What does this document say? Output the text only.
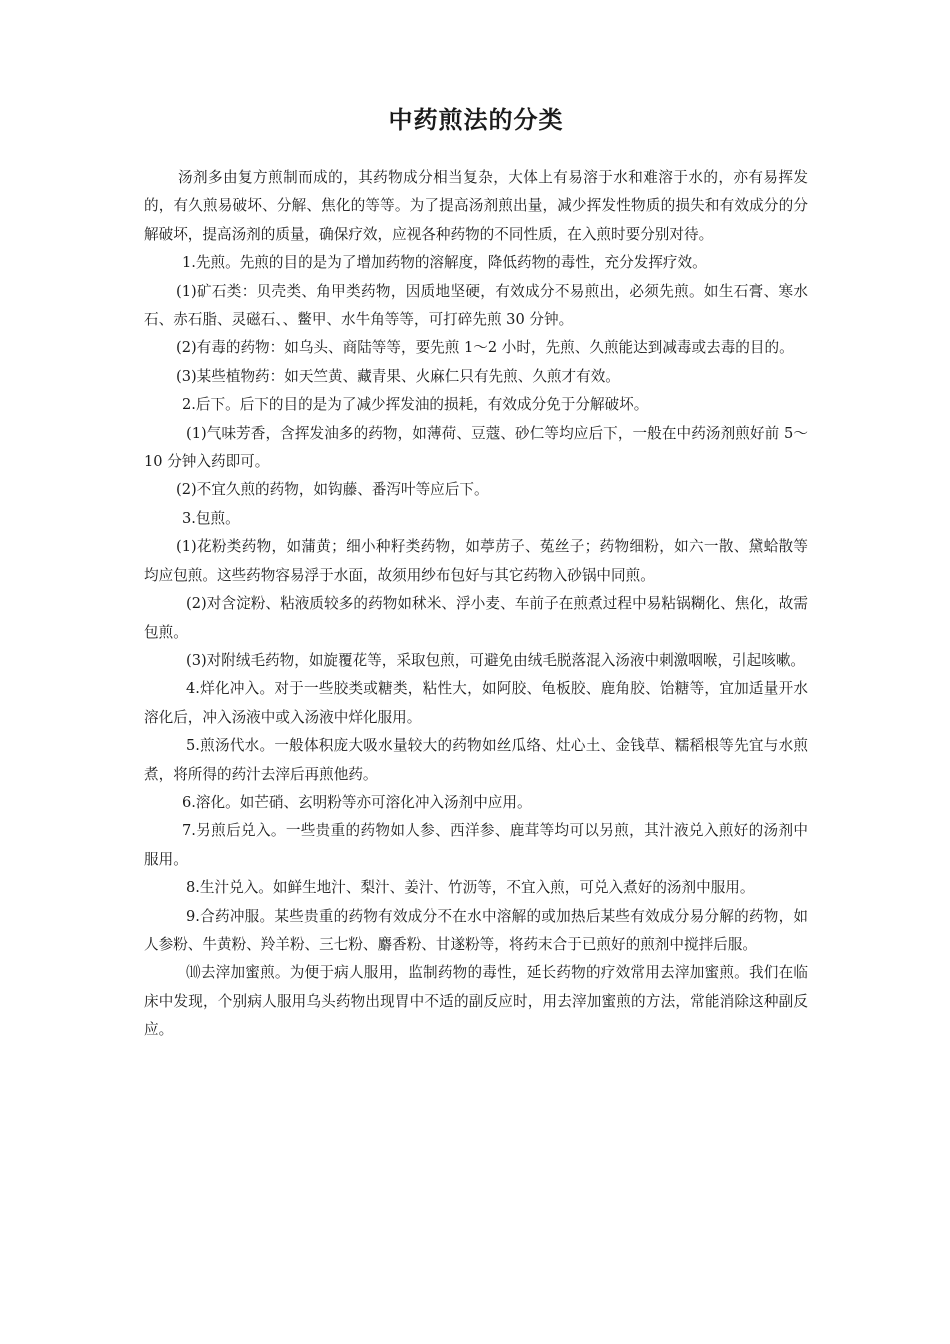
中药煎法的分类

汤剂多由复方煎制而成的，其药物成分相当复杂，大体上有易溶于水和难溶于水的，亦有易挥发的，有久煎易破坏、分解、焦化的等等。为了提高汤剂煎出量，减少挥发性物质的损失和有效成分的分解破坏，提高汤剂的质量，确保疗效，应视各种药物的不同性质，在入煎时要分别对待。

1.先煎。先煎的目的是为了增加药物的溶解度，降低药物的毒性，充分发挥疗效。

(1)矿石类：贝壳类、角甲类药物，因质地坚硬，有效成分不易煎出，必须先煎。如生石膏、寒水石、赤石脂、灵磁石、、鳖甲、水牛角等等，可打碎先煎 30 分钟。

(2)有毒的药物：如乌头、商陆等等，要先煎 1～2 小时，先煎、久煎能达到减毒或去毒的目的。

(3)某些植物药：如天竺黄、藏青果、火麻仁只有先煎、久煎才有效。

2.后下。后下的目的是为了减少挥发油的损耗，有效成分免于分解破坏。

(1)气味芳香，含挥发油多的药物，如薄荷、豆蔻、砂仁等均应后下，一般在中药汤剂煎好前 5～10 分钟入药即可。

(2)不宜久煎的药物，如钩藤、番泻叶等应后下。

3.包煎。

(1)花粉类药物，如蒲黄；细小种籽类药物，如葶苈子、菟丝子；药物细粉，如六一散、黛蛤散等均应包煎。这些药物容易浮于水面，故须用纱布包好与其它药物入砂锅中同煎。

(2)对含淀粉、粘液质较多的药物如秫米、浮小麦、车前子在煎煮过程中易粘锅糊化、焦化，故需包煎。

(3)对附绒毛药物，如旋覆花等，采取包煎，可避免由绒毛脱落混入汤液中刺激咽喉，引起咳嗽。

4.烊化冲入。对于一些胶类或糖类，粘性大，如阿胶、龟板胶、鹿角胶、饴糖等，宜加适量开水溶化后，冲入汤液中或入汤液中烊化服用。

5.煎汤代水。一般体积庞大吸水量较大的药物如丝瓜络、灶心土、金钱草、糯稻根等先宜与水煎煮，将所得的药汁去滓后再煎他药。

6.溶化。如芒硝、玄明粉等亦可溶化冲入汤剂中应用。

7.另煎后兑入。一些贵重的药物如人参、西洋参、鹿茸等均可以另煎，其汁液兑入煎好的汤剂中服用。

8.生汁兑入。如鲜生地汁、梨汁、姜汁、竹沥等，不宜入煎，可兑入煮好的汤剂中服用。

9.合药冲服。某些贵重的药物有效成分不在水中溶解的或加热后某些有效成分易分解的药物，如人参粉、牛黄粉、羚羊粉、三七粉、麝香粉、甘遂粉等，将药末合于已煎好的煎剂中搅拌后服。

⑽去滓加蜜煎。为便于病人服用，监制药物的毒性，延长药物的疗效常用去滓加蜜煎。我们在临床中发现，个别病人服用乌头药物出现胃中不适的副反应时，用去滓加蜜煎的方法，常能消除这种副反应。
